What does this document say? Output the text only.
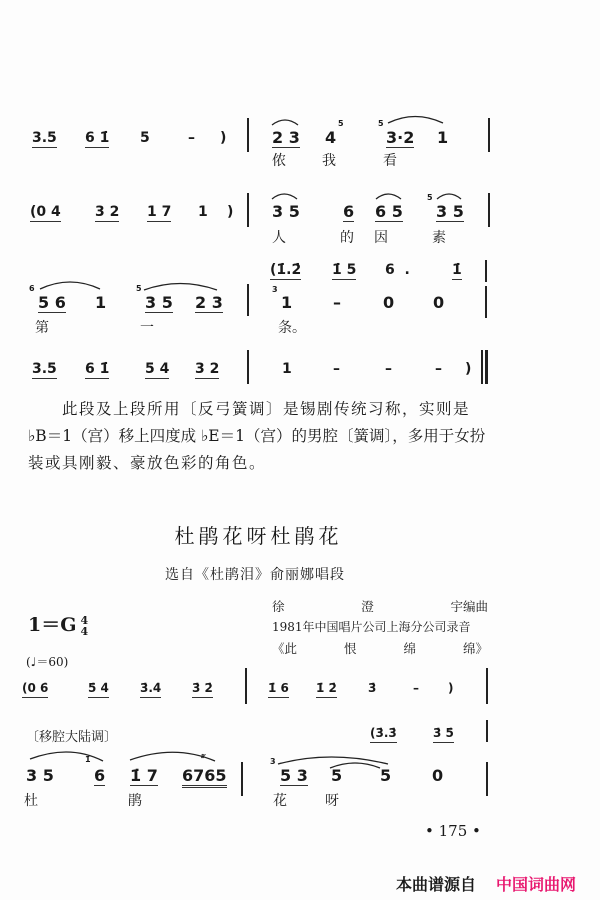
3.5 6 1̇ 5	– )	2 3 4
5	5
3·2 1
侬	我	看
(0 4 3 2 1 7 1 ) 3 5	6 6 5
5
3 5
人	的 因	素
(1̇.2̇ 1̇ 5 6  .	1̇
6
5 6 1
5
3 5 2 3
3
1	–	0 0
第	一	条。
3.5 6 1̇	5 4 3 2	1	–	–	– )
此段及上段所用〔反弓簧调〕是锡剧传统习称，实则是
♭B＝1（宫）移上四度成 ♭E＝1（宫）的男腔〔簧调〕，多用于女扮
装或具刚毅、豪放色彩的角色。
杜鹃花呀杜鹃花
选自《杜鹃泪》俞丽娜唱段
1＝G 4
4
徐	澄	宇编曲
1981年中国唱片公司上海分公司录音
《此	恨	绵	绵》
(♩＝60)
(0 6̇	5̇ 4̇	3̇.4̇	3̇ 2̇	1̇ 6 1̇ 2̇	3̇	– )
〔移腔大陆调〕	(3̇.3̇	3̇ 5̇
3 5
1̇
6 1̇ 7
𝆖
6765
3
5 3 5 5	0
杜	鹃	花	呀
• 175 •
本曲谱源自 中国词曲网
